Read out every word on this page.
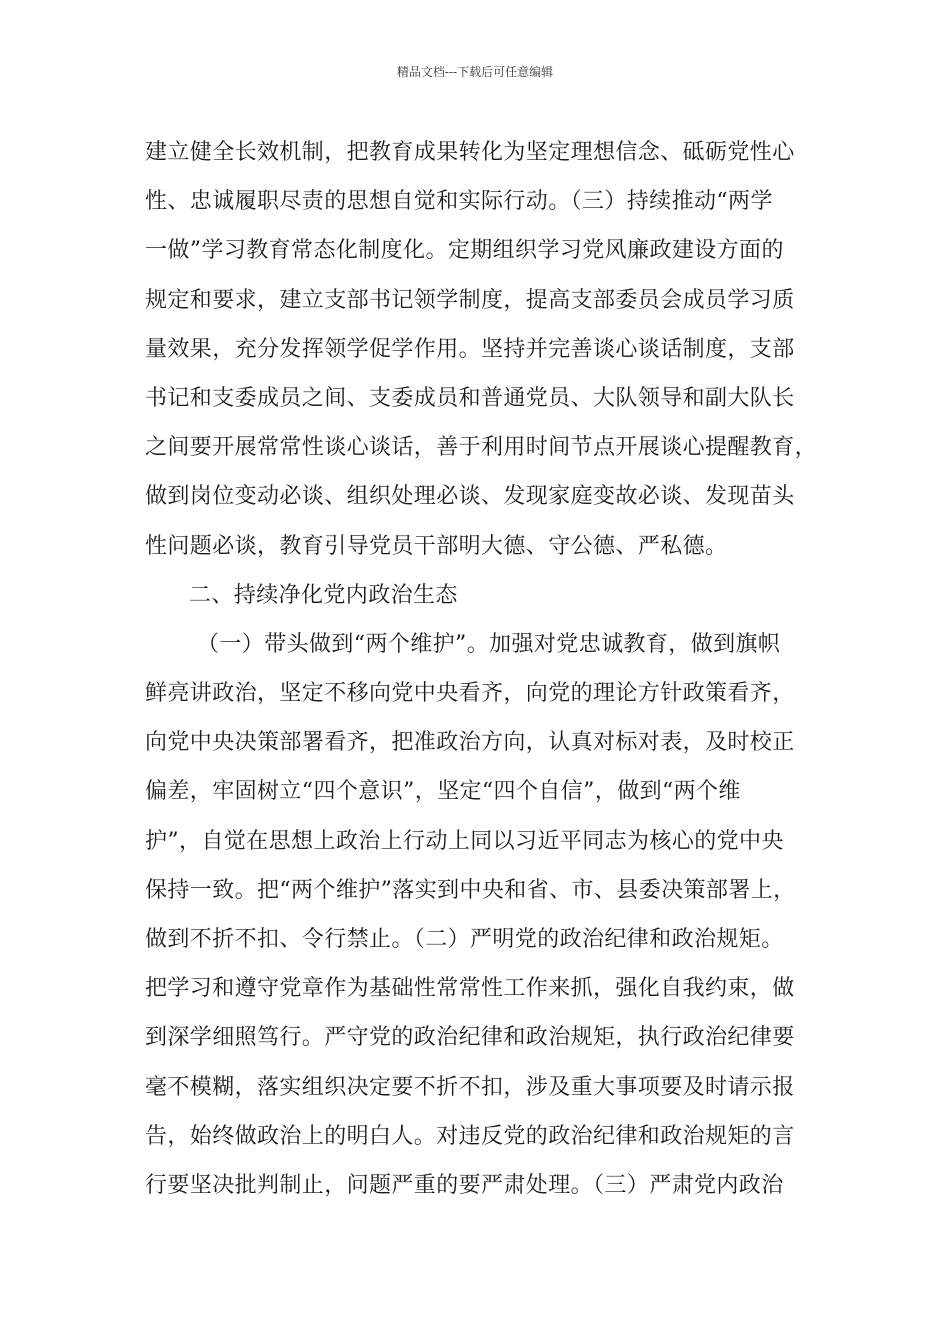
精品文档---下载后可任意编辑
建立健全长效机制，把教育成果转化为坚定理想信念、砥砺党性心
性、忠诚履职尽责的思想自觉和实际行动。（三）持续推动“两学
一做”学习教育常态化制度化。定期组织学习党风廉政建设方面的
规定和要求，建立支部书记领学制度，提高支部委员会成员学习质
量效果，充分发挥领学促学作用。坚持并完善谈心谈话制度，支部
书记和支委成员之间、支委成员和普通党员、大队领导和副大队长
之间要开展常常性谈心谈话，善于利用时间节点开展谈心提醒教育，
做到岗位变动必谈、组织处理必谈、发现家庭变故必谈、发现苗头
性问题必谈，教育引导党员干部明大德、守公德、严私德。
二、持续净化党内政治生态
（一）带头做到“两个维护”。加强对党忠诚教育，做到旗帜
鲜亮讲政治，坚定不移向党中央看齐，向党的理论方针政策看齐，
向党中央决策部署看齐，把准政治方向，认真对标对表，及时校正
偏差，牢固树立“四个意识”，坚定“四个自信”，做到“两个维
护”，自觉在思想上政治上行动上同以习近平同志为核心的党中央
保持一致。把“两个维护”落实到中央和省、市、县委决策部署上，
做到不折不扣、令行禁止。（二）严明党的政治纪律和政治规矩。
把学习和遵守党章作为基础性常常性工作来抓，强化自我约束，做
到深学细照笃行。严守党的政治纪律和政治规矩，执行政治纪律要
毫不模糊，落实组织决定要不折不扣，涉及重大事项要及时请示报
告，始终做政治上的明白人。对违反党的政治纪律和政治规矩的言
行要坚决批判制止，问题严重的要严肃处理。（三）严肃党内政治
